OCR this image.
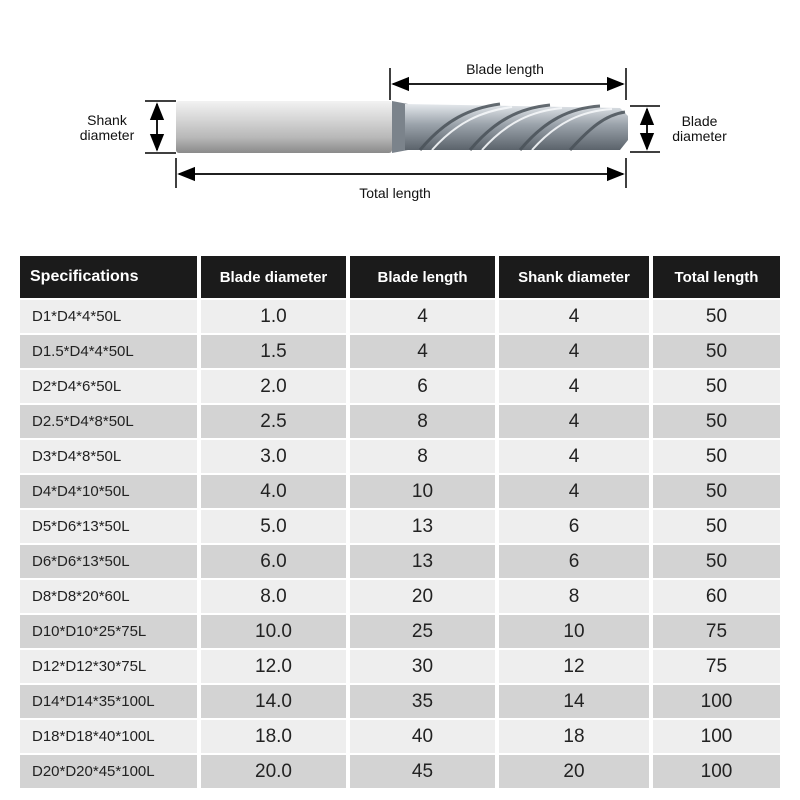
Blade length
Total length
Shank
diameter
Blade
diameter
Specifications	Blade diameter	Blade length	Shank diameter	Total length
D1*D4*4*50L	1.0	4	4	50
D1.5*D4*4*50L	1.5	4	4	50
D2*D4*6*50L	2.0	6	4	50
D2.5*D4*8*50L	2.5	8	4	50
D3*D4*8*50L	3.0	8	4	50
D4*D4*10*50L	4.0	10	4	50
D5*D6*13*50L	5.0	13	6	50
D6*D6*13*50L	6.0	13	6	50
D8*D8*20*60L	8.0	20	8	60
D10*D10*25*75L	10.0	25	10	75
D12*D12*30*75L	12.0	30	12	75
D14*D14*35*100L	14.0	35	14	100
D18*D18*40*100L	18.0	40	18	100
D20*D20*45*100L	20.0	45	20	100
